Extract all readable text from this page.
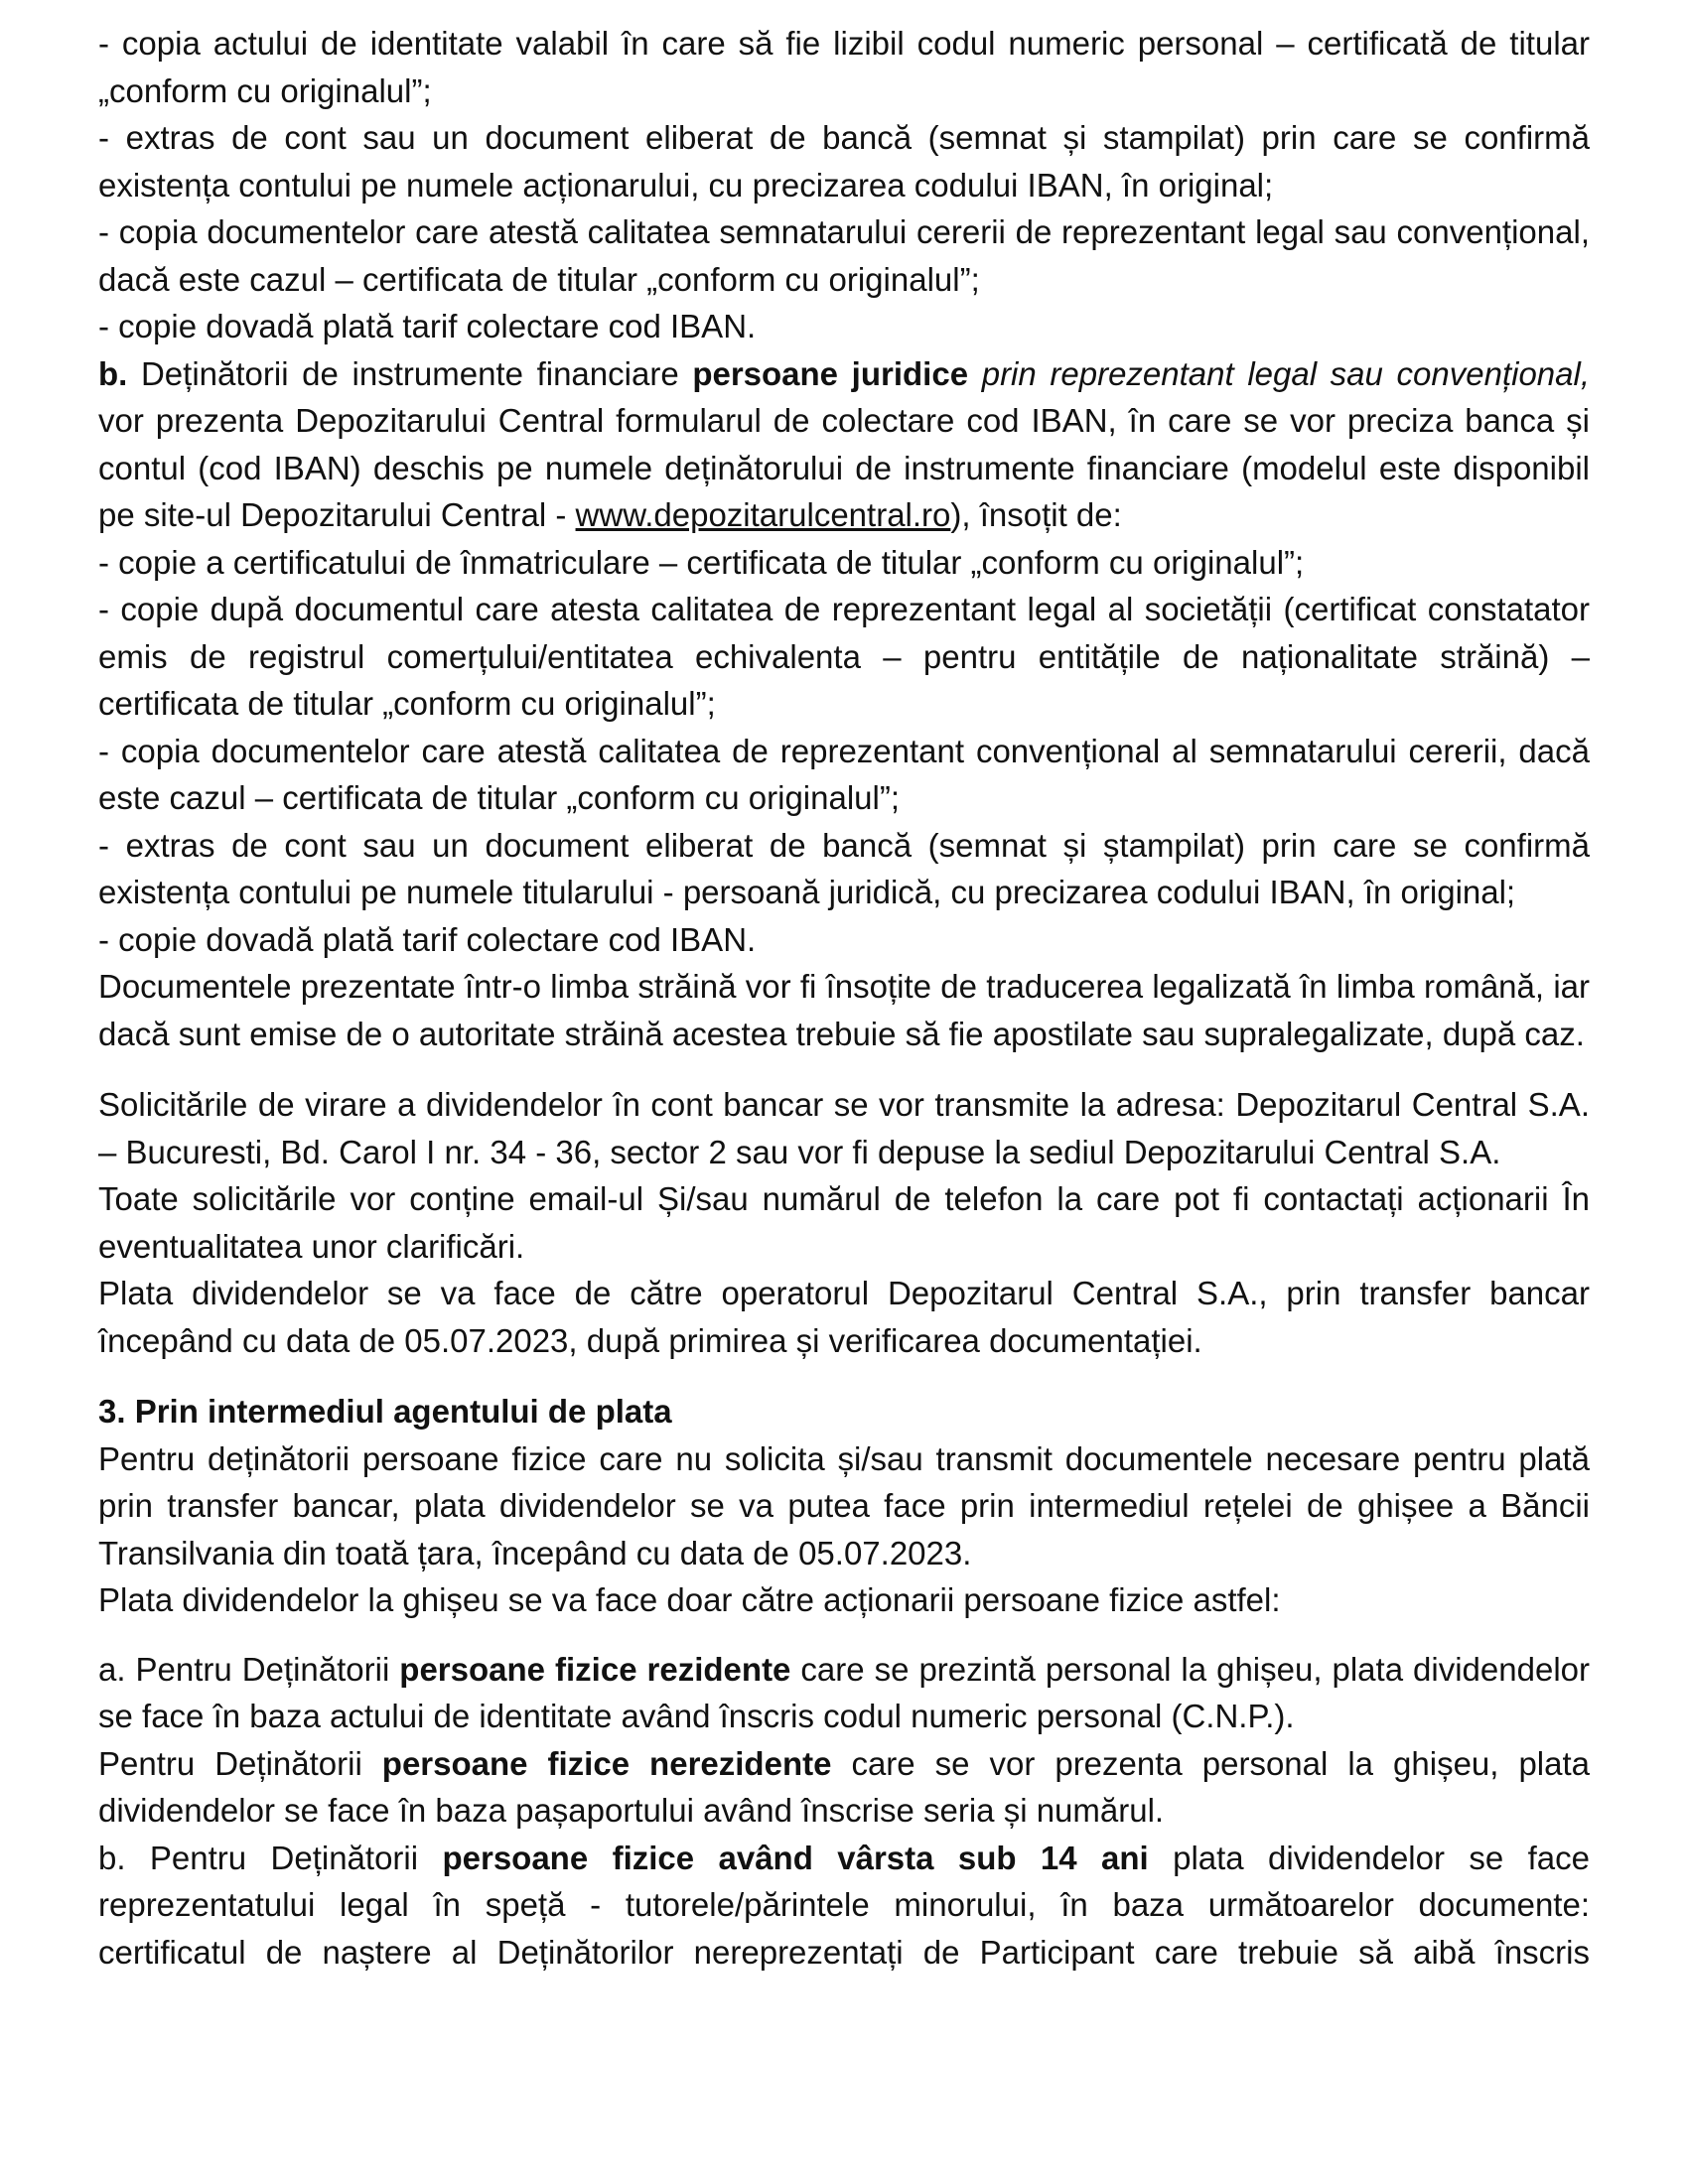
- copia actului de identitate valabil în care să fie lizibil codul numeric personal – certificată de titular „conform cu originalul”;

- extras de cont sau un document eliberat de bancă (semnat și stampilat) prin care se confirmă existența contului pe numele acționarului, cu precizarea codului IBAN, în original;

- copia documentelor care atestă calitatea semnatarului cererii de reprezentant legal sau convențional, dacă este cazul – certificata de titular „conform cu originalul”;

- copie dovadă plată tarif colectare cod IBAN.

b. Deținătorii de instrumente financiare persoane juridice prin reprezentant legal sau convențional, vor prezenta Depozitarului Central formularul de colectare cod IBAN, în care se vor preciza banca și contul (cod IBAN) deschis pe numele deținătorului de instrumente financiare (modelul este disponibil pe site-ul Depozitarului Central - www.depozitarulcentral.ro), însoțit de:

- copie a certificatului de înmatriculare – certificata de titular „conform cu originalul”;

- copie după documentul care atesta calitatea de reprezentant legal al societății (certificat constatator emis de registrul comerțului/entitatea echivalenta – pentru entitățile de naționalitate străină) – certificata de titular „conform cu originalul”;

- copia documentelor care atestă calitatea de reprezentant convențional al semnatarului cererii, dacă este cazul – certificata de titular „conform cu originalul”;

- extras de cont sau un document eliberat de bancă (semnat și ștampilat) prin care se confirmă existența contului pe numele titularului - persoană juridică, cu precizarea codului IBAN, în original;

- copie dovadă plată tarif colectare cod IBAN.

Documentele prezentate într-o limba străină vor fi însoțite de traducerea legalizată în limba română, iar dacă sunt emise de o autoritate străină acestea trebuie să fie apostilate sau supralegalizate, după caz.

Solicitările de virare a dividendelor în cont bancar se vor transmite la adresa: Depozitarul Central S.A. – Bucuresti, Bd. Carol I nr. 34 - 36, sector 2 sau vor fi depuse la sediul Depozitarului Central S.A.

Toate solicitările vor conține email-ul Și/sau numărul de telefon la care pot fi contactați acționarii În eventualitatea unor clarificări.

Plata dividendelor se va face de către operatorul Depozitarul Central S.A., prin transfer bancar începând cu data de 05.07.2023, după primirea și verificarea documentației.

3. Prin intermediul agentului de plata

Pentru deținătorii persoane fizice care nu solicita și/sau transmit documentele necesare pentru plată prin transfer bancar, plata dividendelor se va putea face prin intermediul rețelei de ghișee a Băncii Transilvania din toată țara, începând cu data de 05.07.2023.

Plata dividendelor la ghișeu se va face doar către acționarii persoane fizice astfel:

a. Pentru Deținătorii persoane fizice rezidente care se prezintă personal la ghișeu, plata dividendelor se face în baza actului de identitate având înscris codul numeric personal (C.N.P.).

Pentru Deținătorii persoane fizice nerezidente care se vor prezenta personal la ghișeu, plata dividendelor se face în baza pașaportului având înscrise seria și numărul.

b. Pentru Deținătorii persoane fizice având vârsta sub 14 ani plata dividendelor se face reprezentatului legal în speță - tutorele/părintele minorului, în baza următoarelor documente: certificatul de naștere al Deținătorilor nereprezentați de Participant care trebuie să aibă înscris
